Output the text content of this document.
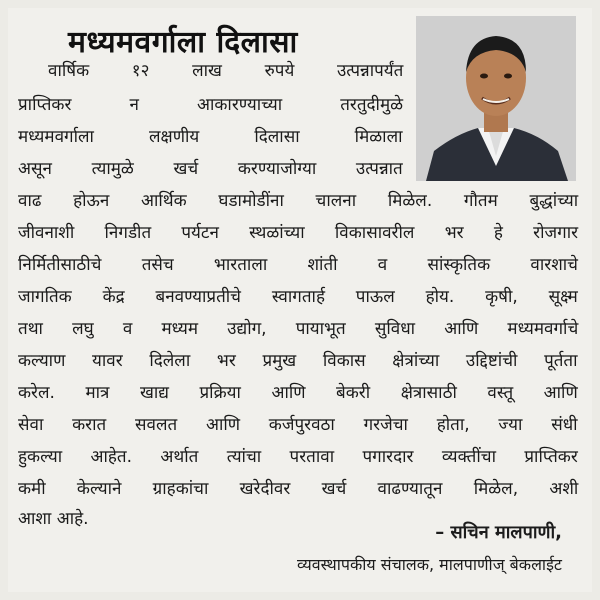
मध्यमवर्गाला दिलासा
वार्षिक १२ लाख रुपये उत्पन्नापर्यंत
प्राप्तिकर न आकारण्याच्या तरतुदीमुळे
मध्यमवर्गाला लक्षणीय दिलासा मिळाला
असून त्यामुळे खर्च करण्याजोग्या उत्पन्नात
वाढ होऊन आर्थिक घडामोडींना चालना मिळेल. गौतम बुद्धांच्या
जीवनाशी निगडीत पर्यटन स्थळांच्या विकासावरील भर हे रोजगार
निर्मितीसाठीचे तसेच भारताला शांती व सांस्कृतिक वारशाचे
जागतिक केंद्र बनवण्याप्रतीचे स्वागतार्ह पाऊल होय. कृषी, सूक्ष्म
तथा लघु व मध्यम उद्योग, पायाभूत सुविधा आणि मध्यमवर्गाचे
कल्याण यावर दिलेला भर प्रमुख विकास क्षेत्रांच्या उद्दिष्टांची पूर्तता
करेल. मात्र खाद्य प्रक्रिया आणि बेकरी क्षेत्रासाठी वस्तू आणि
सेवा करात सवलत आणि कर्जपुरवठा गरजेचा होता, ज्या संधी
हुकल्या आहेत. अर्थात त्यांचा परतावा पगारदार व्यक्तींचा प्राप्तिकर
कमी केल्याने ग्राहकांचा खरेदीवर खर्च वाढण्यातून मिळेल, अशी
आशा आहे.
– सचिन मालपाणी,
व्यवस्थापकीय संचालक, मालपाणीज् बेकलाईट
